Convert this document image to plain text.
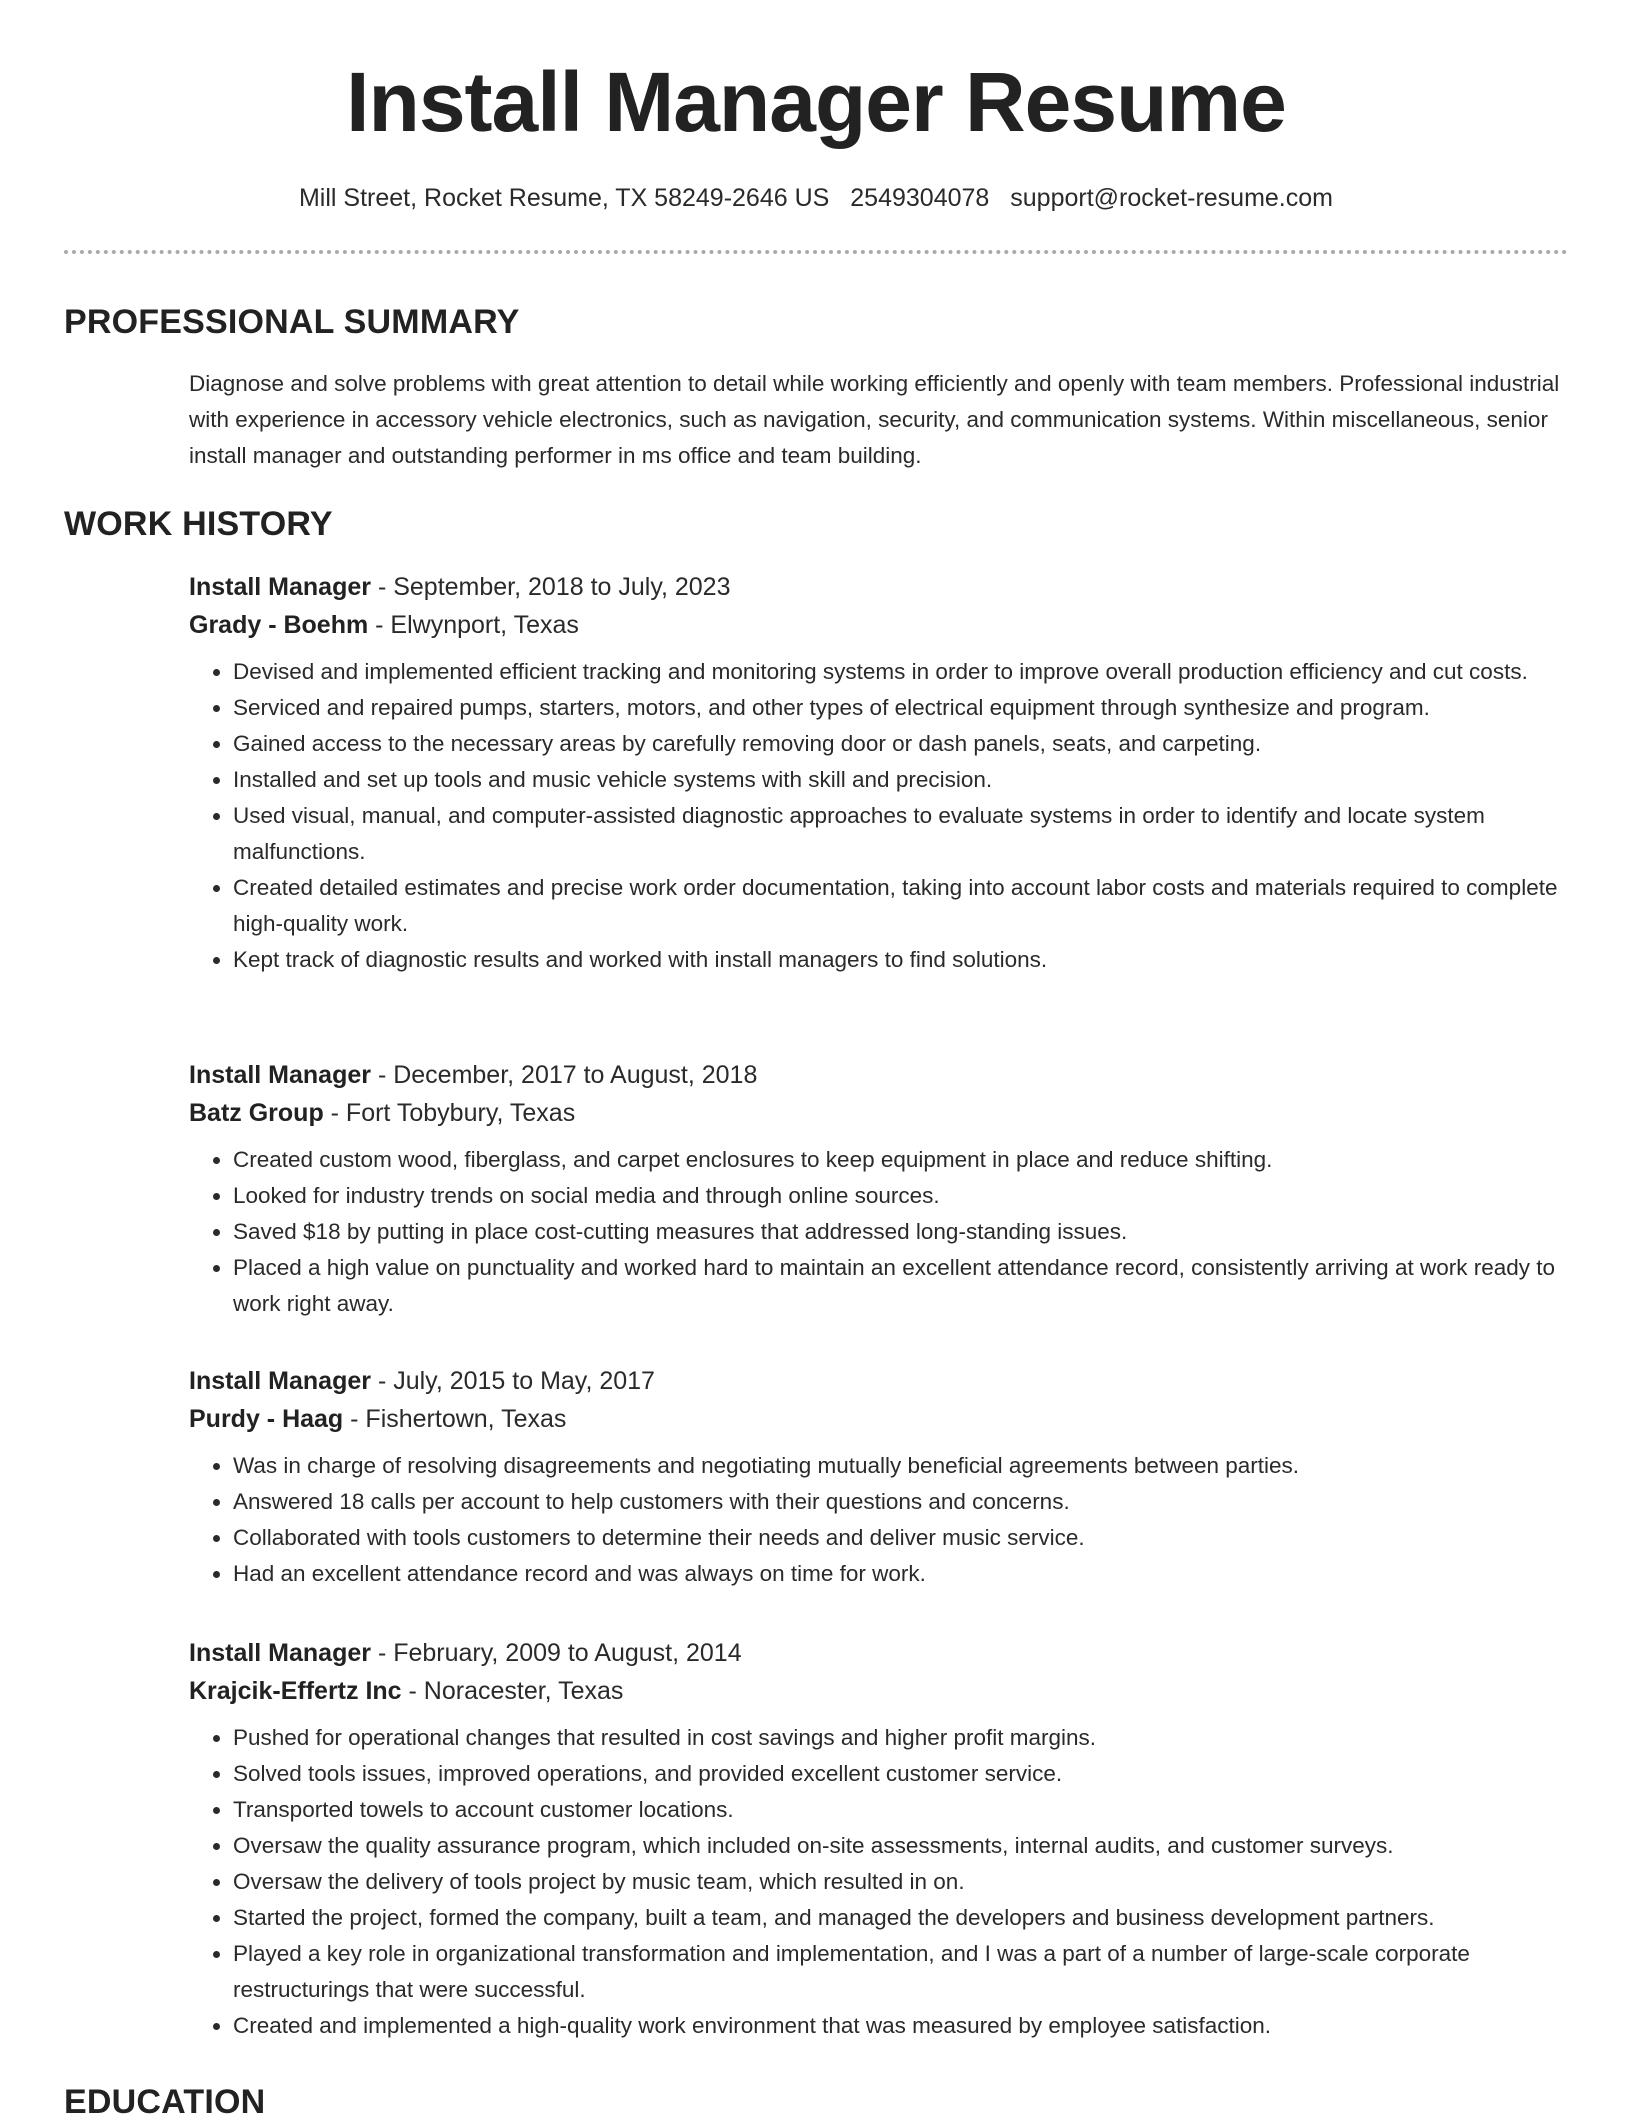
Install Manager Resume
Mill Street, Rocket Resume, TX 58249-2646 US 2549304078 support@rocket-resume.com
PROFESSIONAL SUMMARY
Diagnose and solve problems with great attention to detail while working efficiently and openly with team members. Professional industrial with experience in accessory vehicle electronics, such as navigation, security, and communication systems. Within miscellaneous, senior install manager and outstanding performer in ms office and team building.
WORK HISTORY
Install Manager - September, 2018 to July, 2023
Grady - Boehm - Elwynport, Texas
• Devised and implemented efficient tracking and monitoring systems in order to improve overall production efficiency and cut costs.
• Serviced and repaired pumps, starters, motors, and other types of electrical equipment through synthesize and program.
• Gained access to the necessary areas by carefully removing door or dash panels, seats, and carpeting.
• Installed and set up tools and music vehicle systems with skill and precision.
• Used visual, manual, and computer-assisted diagnostic approaches to evaluate systems in order to identify and locate system malfunctions.
• Created detailed estimates and precise work order documentation, taking into account labor costs and materials required to complete high-quality work.
• Kept track of diagnostic results and worked with install managers to find solutions.
Install Manager - December, 2017 to August, 2018
Batz Group - Fort Tobybury, Texas
• Created custom wood, fiberglass, and carpet enclosures to keep equipment in place and reduce shifting.
• Looked for industry trends on social media and through online sources.
• Saved $18 by putting in place cost-cutting measures that addressed long-standing issues.
• Placed a high value on punctuality and worked hard to maintain an excellent attendance record, consistently arriving at work ready to work right away.
Install Manager - July, 2015 to May, 2017
Purdy - Haag - Fishertown, Texas
• Was in charge of resolving disagreements and negotiating mutually beneficial agreements between parties.
• Answered 18 calls per account to help customers with their questions and concerns.
• Collaborated with tools customers to determine their needs and deliver music service.
• Had an excellent attendance record and was always on time for work.
Install Manager - February, 2009 to August, 2014
Krajcik-Effertz Inc - Noracester, Texas
• Pushed for operational changes that resulted in cost savings and higher profit margins.
• Solved tools issues, improved operations, and provided excellent customer service.
• Transported towels to account customer locations.
• Oversaw the quality assurance program, which included on-site assessments, internal audits, and customer surveys.
• Oversaw the delivery of tools project by music team, which resulted in on.
• Started the project, formed the company, built a team, and managed the developers and business development partners.
• Played a key role in organizational transformation and implementation, and I was a part of a number of large-scale corporate restructurings that were successful.
• Created and implemented a high-quality work environment that was measured by employee satisfaction.
EDUCATION
